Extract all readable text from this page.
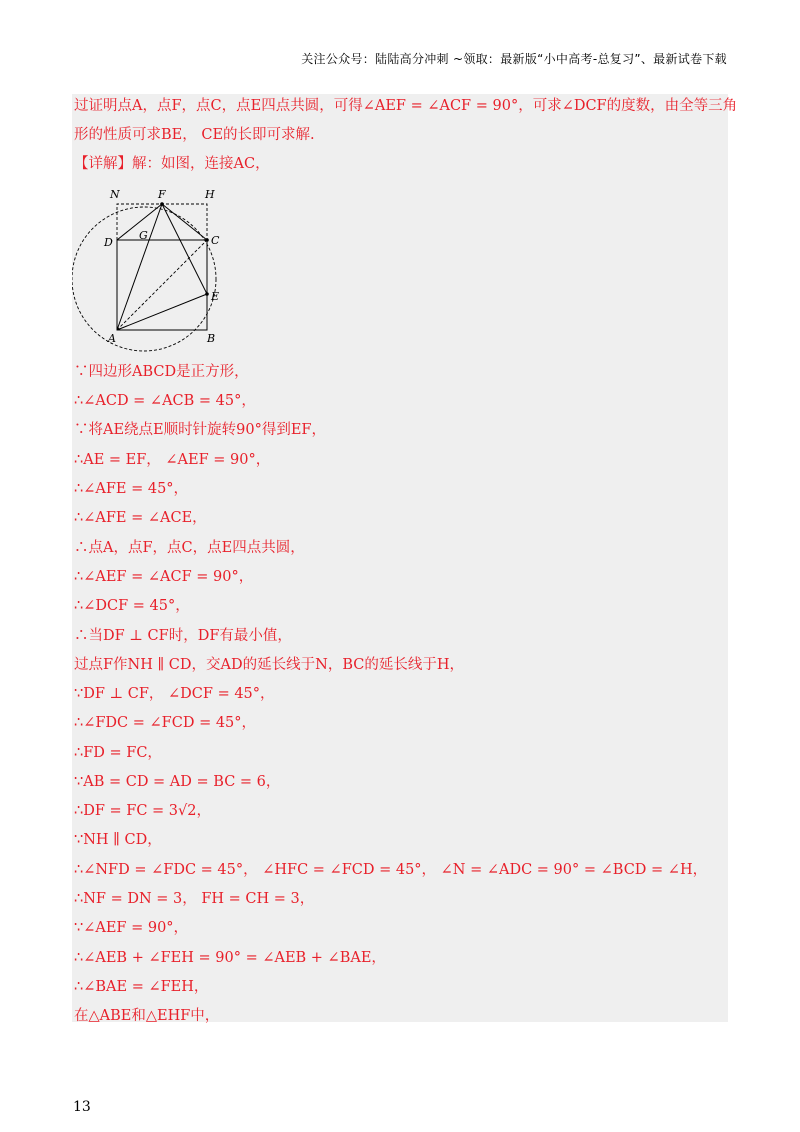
关注公众号：陆陆高分冲刺 ~领取：最新版“小中高考-总复习”、最新试卷下载
过证明点A，点F，点C，点E四点共圆，可得∠AEF = ∠ACF = 90°，可求∠DCF的度数，由全等三角
形的性质可求BE， CE的长即可求解.
【详解】解：如图，连接AC，
N	F	H
D
G	C
E
A	B
∵四边形ABCD是正方形，
∴∠ACD = ∠ACB = 45°，
∵将AE绕点E顺时针旋转90°得到EF，
∴AE = EF， ∠AEF = 90°，
∴∠AFE = 45°，
∴∠AFE = ∠ACE，
∴点A，点F，点C，点E四点共圆，
∴∠AEF = ∠ACF = 90°，
∴∠DCF = 45°，
∴当DF ⊥ CF时，DF有最小值，
过点F作NH ∥ CD，交AD的延长线于N，BC的延长线于H，
∵DF ⊥ CF， ∠DCF = 45°，
∴∠FDC = ∠FCD = 45°，
∴FD = FC，
∵AB = CD = AD = BC = 6，
∴DF = FC = 3√2，
∵NH ∥ CD，
∴∠NFD = ∠FDC = 45°， ∠HFC = ∠FCD = 45°， ∠N = ∠ADC = 90° = ∠BCD = ∠H，
∴NF = DN = 3， FH = CH = 3，
∵∠AEF = 90°，
∴∠AEB + ∠FEH = 90° = ∠AEB + ∠BAE，
∴∠BAE = ∠FEH，
在△ABE和△EHF中，
13
